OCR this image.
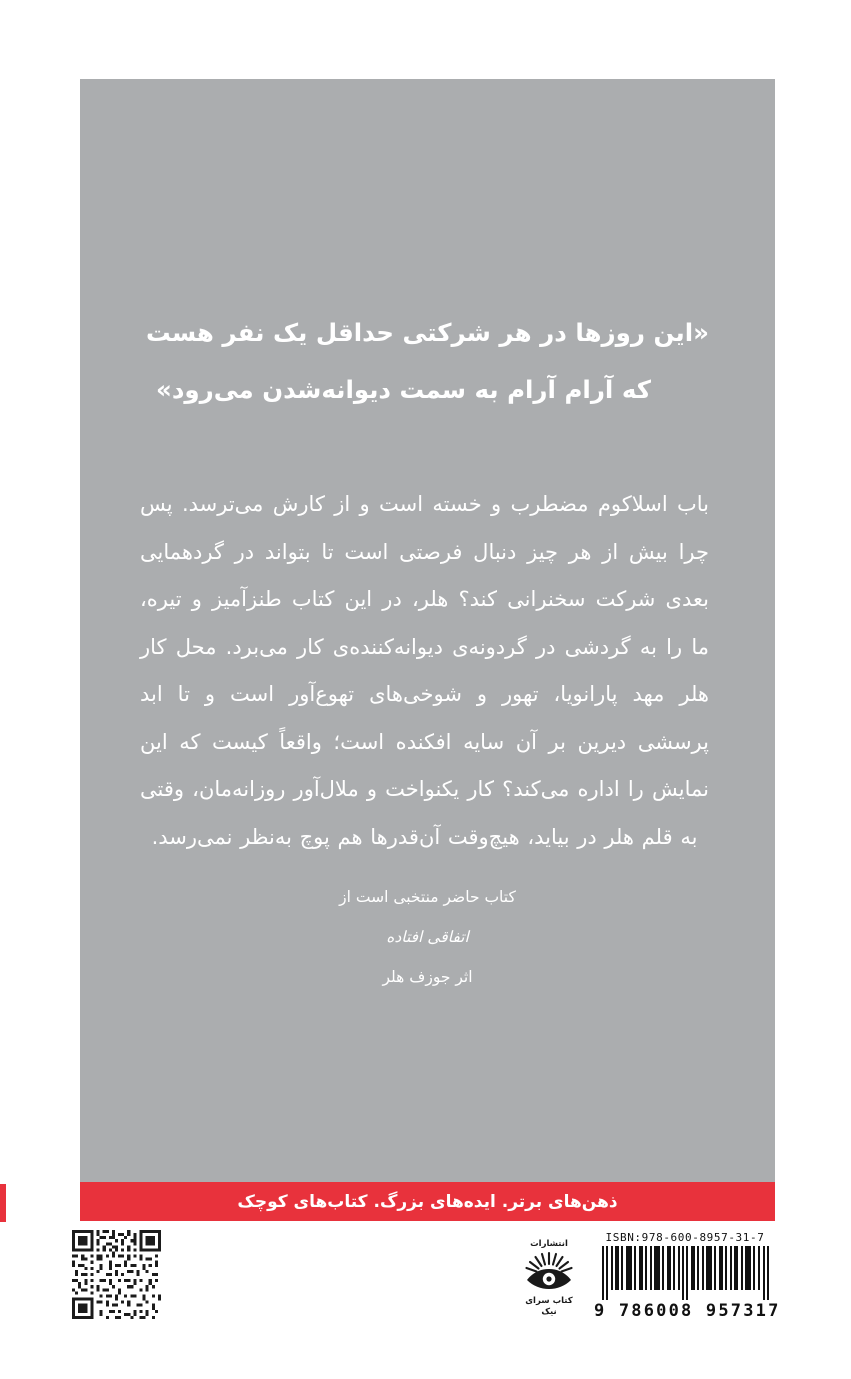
«این روزها در هر شرکتی حداقل یک نفر هست
که آرام آرام به سمت دیوانه‌شدن می‌رود»

باب اسلاکوم مضطرب و خسته است و از کارش می‌ترسد. پس چرا بیش از هر چیز دنبال فرصتی است تا بتواند در گردهمایی بعدی شرکت سخنرانی کند؟ هلر، در این کتاب طنزآمیز و تیره، ما را به گردشی در گردونه‌ی دیوانه‌کننده‌ی کار می‌برد. محل کار هلر مهد پارانویا، تهور و شوخی‌های تهوع‌آور است و تا ابد پرسشی دیرین بر آن سایه افکنده است؛ واقعاً کیست که این نمایش را اداره می‌کند؟ کار یکنواخت و ملال‌آور روزانه‌مان، وقتی به قلم هلر در بیاید، هیچ‌وقت آن‌قدرها هم پوچ به‌نظر نمی‌رسد.

کتاب حاضر منتخبی است از
اتفاقی افتاده
اثر جوزف هلر
ذهن‌های برتر. ایده‌های بزرگ. کتاب‌های کوچک
انتشارات
کتاب سرای نیک
ISBN:978-600-8957-31-7
9 786008 957317
